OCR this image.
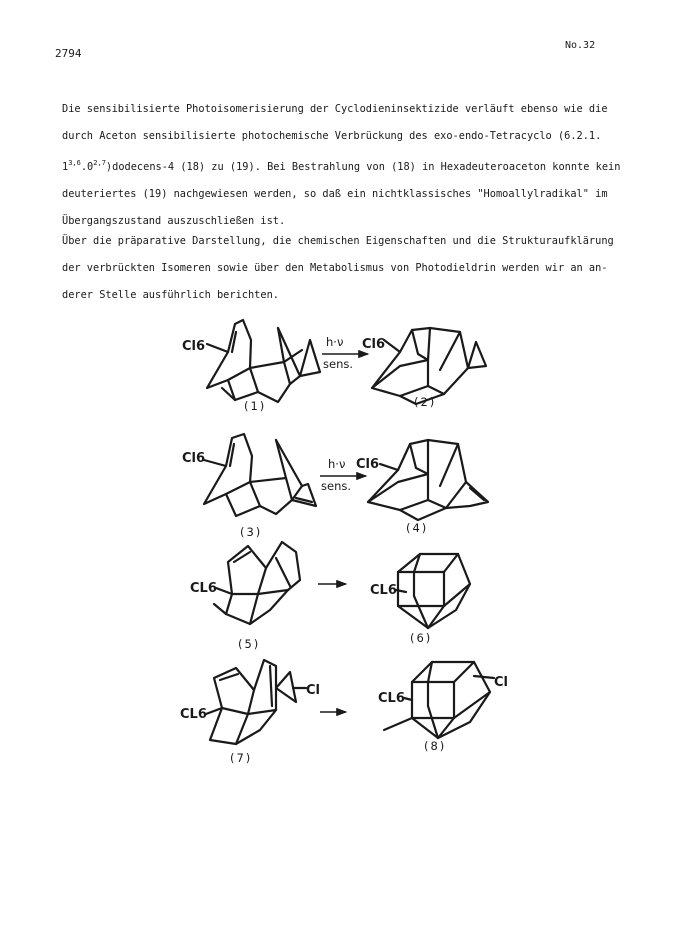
2794
No.32

Die sensibilisierte Photoisomerisierung der Cyclodieninsektizide verläuft ebenso wie die

durch Aceton sensibilisierte photochemische Verbrückung des exo-endo-Tetracyclo (6.2.1.

1$^{3,6}$.0$^{2,7}$)dodecens-4 (18) zu (19). Bei Bestrahlung von (18) in Hexadeuteroaceton konnte kein

deuteriertes (19) nachgewiesen werden, so daß ein nichtklassisches "Homoallylradikal" im

Übergangszustand auszuschließen ist.

Über die präparative Darstellung, die chemischen Eigenschaften und die Strukturaufklärung

der verbrückten Isomeren sowie über den Metabolismus von Photodieldrin werden wir an an-

derer Stelle ausführlich berichten.

Cl6	h·ν
sens.
Cl6
(1)	(2)
Cl6	h·ν
sens.
Cl6
(3)	(4)
CL6	CL6
(5)	(6)
CL6
Cl
CL6
Cl
(7)
(8)
